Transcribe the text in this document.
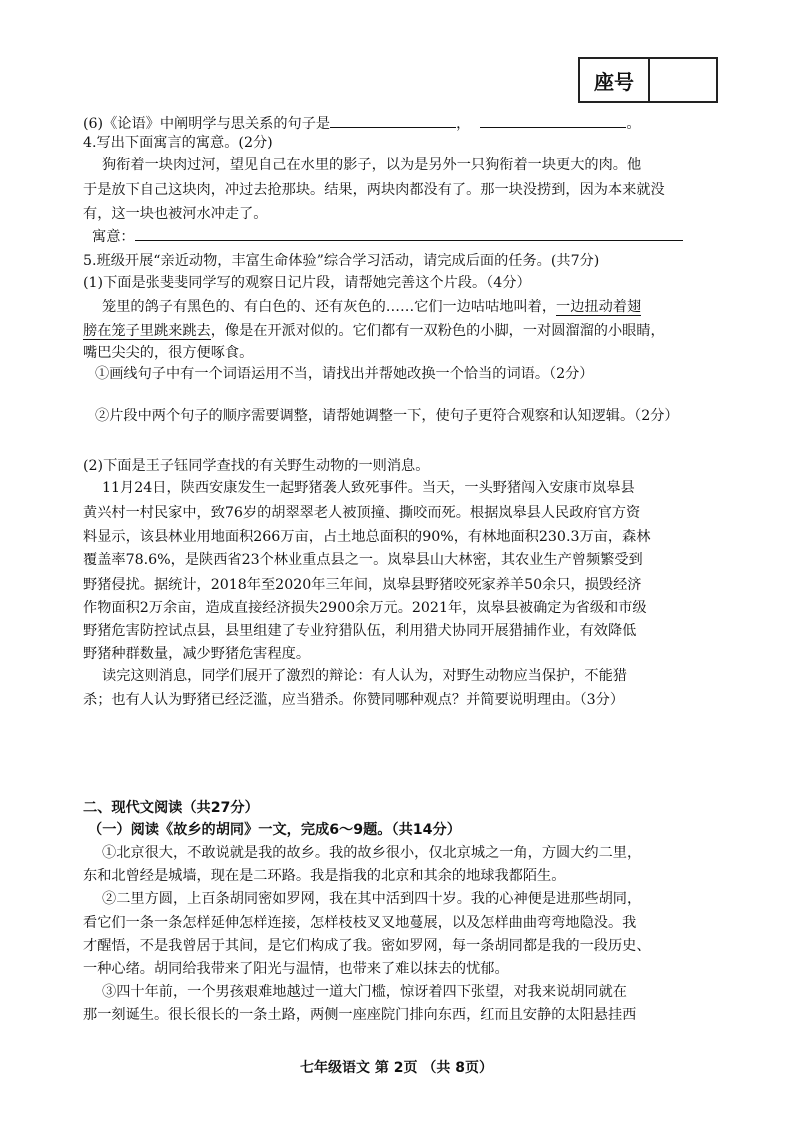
座号
(6)《论语》中阐明学与思关系的句子是	，	。
4.写出下面寓言的寓意。(2分)
狗衔着一块肉过河，望见自己在水里的影子，以为是另外一只狗衔着一块更大的肉。他
于是放下自己这块肉，冲过去抢那块。结果，两块肉都没有了。那一块没捞到，因为本来就没
有，这一块也被河水冲走了。
寓意：
5.班级开展“亲近动物，丰富生命体验”综合学习活动，请完成后面的任务。(共7分)
(1)下面是张斐斐同学写的观察日记片段，请帮她完善这个片段。（4分）
笼里的鸽子有黑色的、有白色的、还有灰色的……它们一边咕咕地叫着，一边扭动着翅
膀在笼子里跳来跳去，像是在开派对似的。它们都有一双粉色的小脚，一对圆溜溜的小眼睛，
嘴巴尖尖的，很方便啄食。
①画线句子中有一个词语运用不当，请找出并帮她改换一个恰当的词语。（2分）
②片段中两个句子的顺序需要调整，请帮她调整一下，使句子更符合观察和认知逻辑。（2分）
(2)下面是王子钰同学查找的有关野生动物的一则消息。
11月24日，陕西安康发生一起野猪袭人致死事件。当天，一头野猪闯入安康市岚皋县
黄兴村一村民家中，致76岁的胡翠翠老人被顶撞、撕咬而死。根据岚皋县人民政府官方资
料显示，该县林业用地面积266万亩，占土地总面积的90%，有林地面积230.3万亩，森林
覆盖率78.6%，是陕西省23个林业重点县之一。岚皋县山大林密，其农业生产曾频繁受到
野猪侵扰。据统计，2018年至2020年三年间，岚皋县野猪咬死家养羊50余只，损毁经济
作物面积2万余亩，造成直接经济损失2900余万元。2021年，岚皋县被确定为省级和市级
野猪危害防控试点县，县里组建了专业狩猎队伍，利用猎犬协同开展猎捕作业，有效降低
野猪种群数量，减少野猪危害程度。
读完这则消息，同学们展开了激烈的辩论：有人认为，对野生动物应当保护，不能猎
杀；也有人认为野猪已经泛滥，应当猎杀。你赞同哪种观点？并简要说明理由。（3分）
二、现代文阅读（共27分）
（一）阅读《故乡的胡同》一文，完成6～9题。（共14分）
①北京很大，不敢说就是我的故乡。我的故乡很小，仅北京城之一角，方圆大约二里，
东和北曾经是城墙，现在是二环路。我是指我的北京和其余的地球我都陌生。
②二里方圆，上百条胡同密如罗网，我在其中活到四十岁。我的心神便是进那些胡同，
看它们一条一条怎样延伸怎样连接，怎样枝枝叉叉地蔓展，以及怎样曲曲弯弯地隐没。我
才醒悟，不是我曾居于其间，是它们构成了我。密如罗网，每一条胡同都是我的一段历史、
一种心绪。胡同给我带来了阳光与温情，也带来了难以抹去的忧郁。
③四十年前，一个男孩艰难地越过一道大门槛，惊讶着四下张望，对我来说胡同就在
那一刻诞生。很长很长的一条土路，两侧一座座院门排向东西，红而且安静的太阳悬挂西
七年级语文 第 2页 （共 8页）
